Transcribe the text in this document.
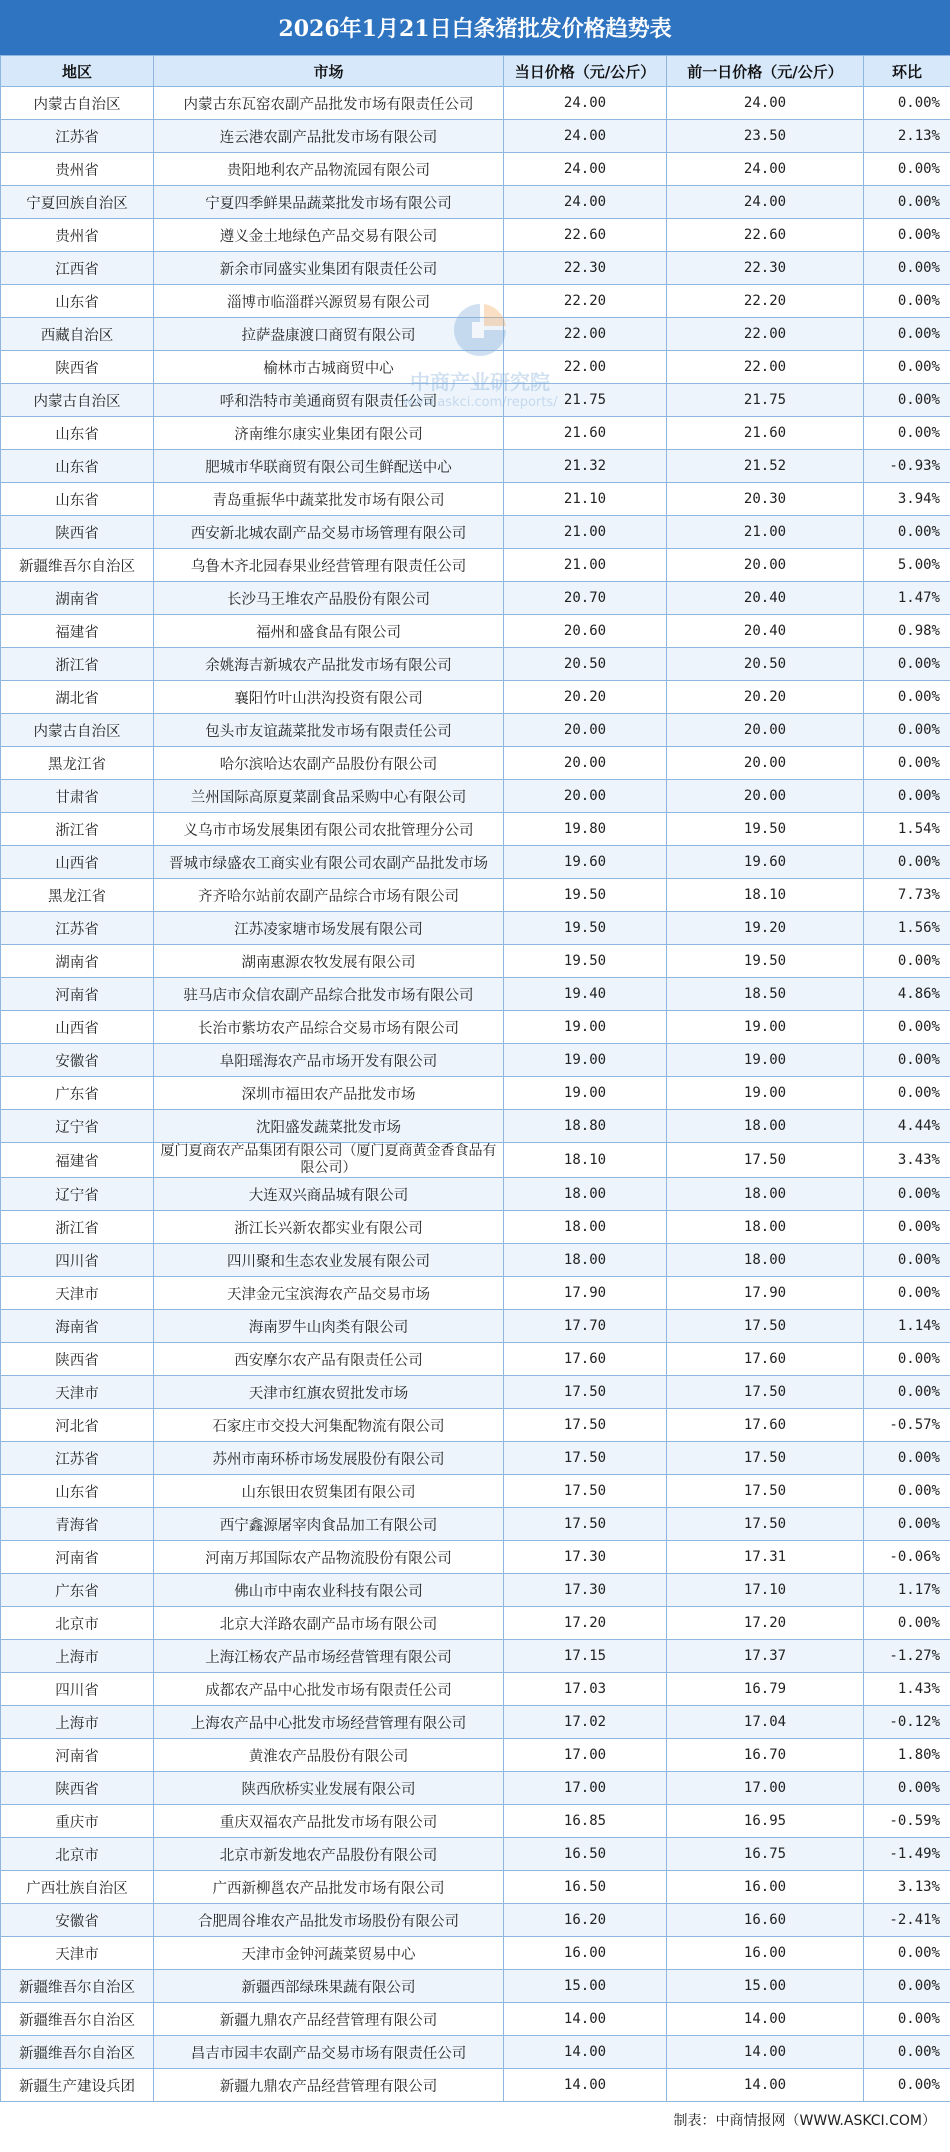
2026年1月21日白条猪批发价格趋势表
地区	市场	当日价格（元/公斤）	前一日价格（元/公斤）	环比
内蒙古自治区	内蒙古东瓦窑农副产品批发市场有限责任公司	24.00	24.00	0.00%
江苏省	连云港农副产品批发市场有限公司	24.00	23.50	2.13%
贵州省	贵阳地利农产品物流园有限公司	24.00	24.00	0.00%
宁夏回族自治区	宁夏四季鲜果品蔬菜批发市场有限公司	24.00	24.00	0.00%
贵州省	遵义金土地绿色产品交易有限公司	22.60	22.60	0.00%
江西省	新余市同盛实业集团有限责任公司	22.30	22.30	0.00%
山东省	淄博市临淄群兴源贸易有限公司	22.20	22.20	0.00%
西藏自治区	拉萨盎康渡口商贸有限公司	22.00	22.00	0.00%
陕西省	榆林市古城商贸中心	22.00	22.00	0.00%
内蒙古自治区	呼和浩特市美通商贸有限责任公司	21.75	21.75	0.00%
山东省	济南维尔康实业集团有限公司	21.60	21.60	0.00%
山东省	肥城市华联商贸有限公司生鲜配送中心	21.32	21.52	-0.93%
山东省	青岛重振华中蔬菜批发市场有限公司	21.10	20.30	3.94%
陕西省	西安新北城农副产品交易市场管理有限公司	21.00	21.00	0.00%
新疆维吾尔自治区	乌鲁木齐北园春果业经营管理有限责任公司	21.00	20.00	5.00%
湖南省	长沙马王堆农产品股份有限公司	20.70	20.40	1.47%
福建省	福州和盛食品有限公司	20.60	20.40	0.98%
浙江省	余姚海吉新城农产品批发市场有限公司	20.50	20.50	0.00%
湖北省	襄阳竹叶山洪沟投资有限公司	20.20	20.20	0.00%
内蒙古自治区	包头市友谊蔬菜批发市场有限责任公司	20.00	20.00	0.00%
黑龙江省	哈尔滨哈达农副产品股份有限公司	20.00	20.00	0.00%
甘肃省	兰州国际高原夏菜副食品采购中心有限公司	20.00	20.00	0.00%
浙江省	义乌市市场发展集团有限公司农批管理分公司	19.80	19.50	1.54%
山西省	晋城市绿盛农工商实业有限公司农副产品批发市场	19.60	19.60	0.00%
黑龙江省	齐齐哈尔站前农副产品综合市场有限公司	19.50	18.10	7.73%
江苏省	江苏凌家塘市场发展有限公司	19.50	19.20	1.56%
湖南省	湖南惠源农牧发展有限公司	19.50	19.50	0.00%
河南省	驻马店市众信农副产品综合批发市场有限公司	19.40	18.50	4.86%
山西省	长治市紫坊农产品综合交易市场有限公司	19.00	19.00	0.00%
安徽省	阜阳瑶海农产品市场开发有限公司	19.00	19.00	0.00%
广东省	深圳市福田农产品批发市场	19.00	19.00	0.00%
辽宁省	沈阳盛发蔬菜批发市场	18.80	18.00	4.44%
福建省	厦门夏商农产品集团有限公司（厦门夏商黄金香食品有限公司）	18.10	17.50	3.43%
辽宁省	大连双兴商品城有限公司	18.00	18.00	0.00%
浙江省	浙江长兴新农都实业有限公司	18.00	18.00	0.00%
四川省	四川聚和生态农业发展有限公司	18.00	18.00	0.00%
天津市	天津金元宝滨海农产品交易市场	17.90	17.90	0.00%
海南省	海南罗牛山肉类有限公司	17.70	17.50	1.14%
陕西省	西安摩尔农产品有限责任公司	17.60	17.60	0.00%
天津市	天津市红旗农贸批发市场	17.50	17.50	0.00%
河北省	石家庄市交投大河集配物流有限公司	17.50	17.60	-0.57%
江苏省	苏州市南环桥市场发展股份有限公司	17.50	17.50	0.00%
山东省	山东银田农贸集团有限公司	17.50	17.50	0.00%
青海省	西宁鑫源屠宰肉食品加工有限公司	17.50	17.50	0.00%
河南省	河南万邦国际农产品物流股份有限公司	17.30	17.31	-0.06%
广东省	佛山市中南农业科技有限公司	17.30	17.10	1.17%
北京市	北京大洋路农副产品市场有限公司	17.20	17.20	0.00%
上海市	上海江杨农产品市场经营管理有限公司	17.15	17.37	-1.27%
四川省	成都农产品中心批发市场有限责任公司	17.03	16.79	1.43%
上海市	上海农产品中心批发市场经营管理有限公司	17.02	17.04	-0.12%
河南省	黄淮农产品股份有限公司	17.00	16.70	1.80%
陕西省	陕西欣桥实业发展有限公司	17.00	17.00	0.00%
重庆市	重庆双福农产品批发市场有限公司	16.85	16.95	-0.59%
北京市	北京市新发地农产品股份有限公司	16.50	16.75	-1.49%
广西壮族自治区	广西新柳邕农产品批发市场有限公司	16.50	16.00	3.13%
安徽省	合肥周谷堆农产品批发市场股份有限公司	16.20	16.60	-2.41%
天津市	天津市金钟河蔬菜贸易中心	16.00	16.00	0.00%
新疆维吾尔自治区	新疆西部绿珠果蔬有限公司	15.00	15.00	0.00%
新疆维吾尔自治区	新疆九鼎农产品经营管理有限公司	14.00	14.00	0.00%
新疆维吾尔自治区	昌吉市园丰农副产品交易市场有限责任公司	14.00	14.00	0.00%
新疆生产建设兵团	新疆九鼎农产品经营管理有限公司	14.00	14.00	0.00%
制表：中商情报网（WWW.ASKCI.COM）
中商产业研究院
www.askci.com/reports/
